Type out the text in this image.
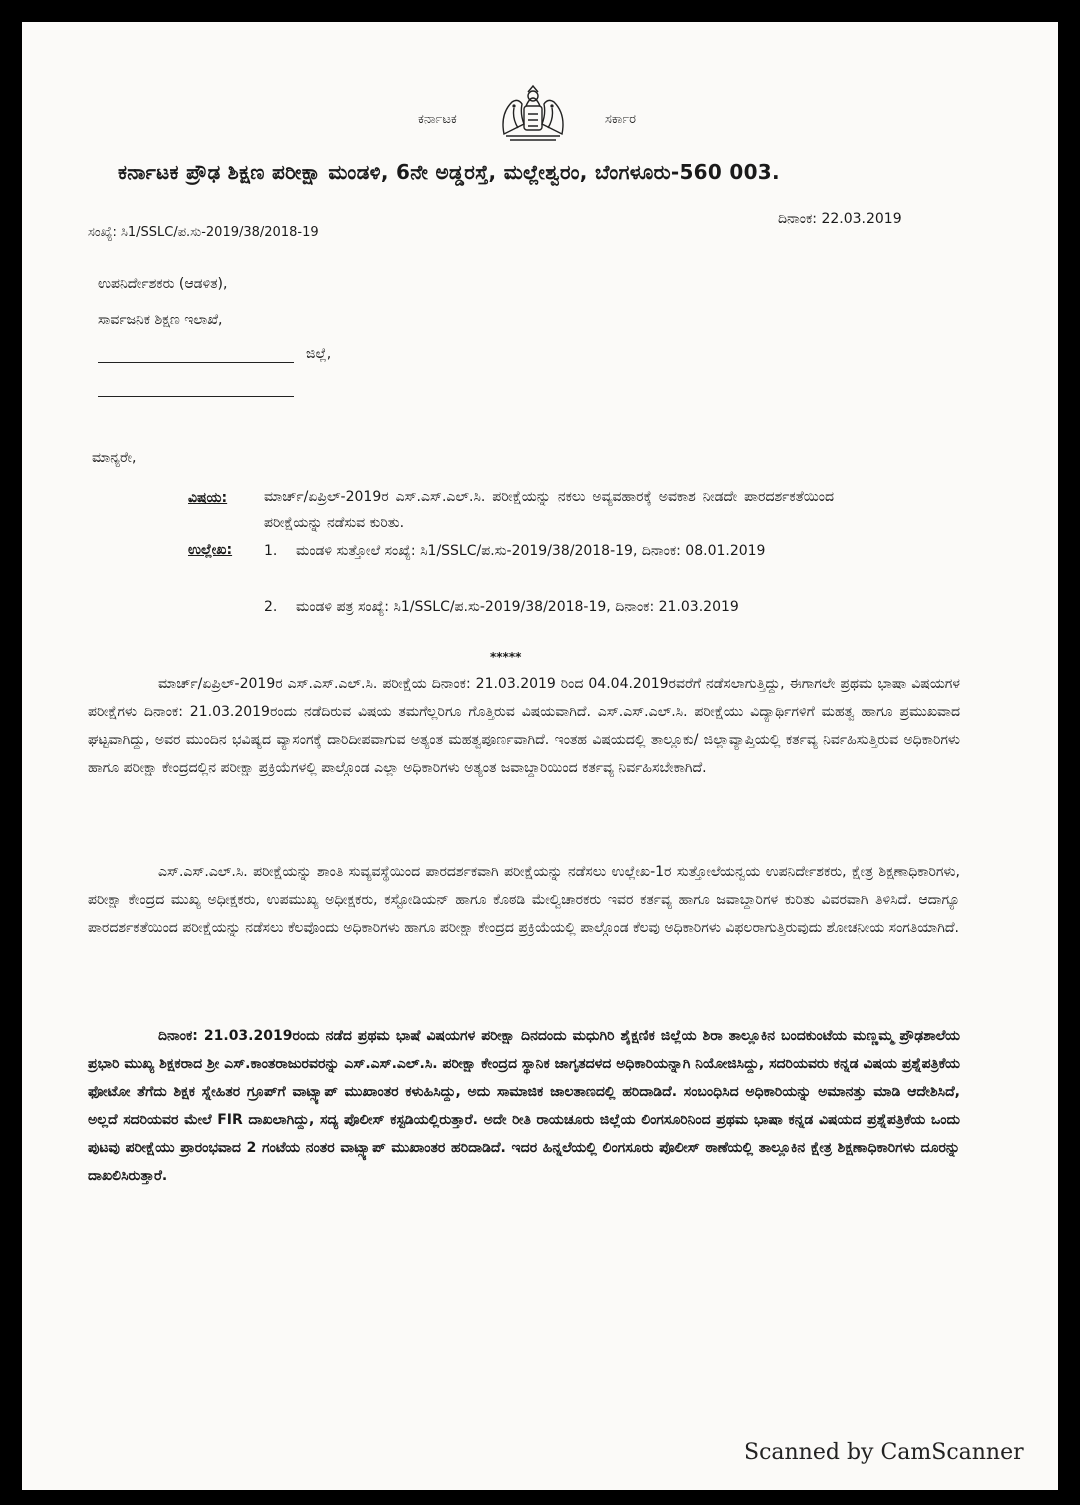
ಕರ್ನಾಟಕ	ಸರ್ಕಾರ
ಕರ್ನಾಟಕ ಪ್ರೌಢ ಶಿಕ್ಷಣ ಪರೀಕ್ಷಾ ಮಂಡಳಿ, 6ನೇ ಅಡ್ಡರಸ್ತೆ, ಮಲ್ಲೇಶ್ವರಂ, ಬೆಂಗಳೂರು-560 003.
ಸಂಖ್ಯೆ: ಸಿ1/SSLC/ಪ.ಸು-2019/38/2018-19
ದಿನಾಂಕ: 22.03.2019
ಉಪನಿರ್ದೇಶಕರು (ಆಡಳಿತ),
ಸಾರ್ವಜನಿಕ ಶಿಕ್ಷಣ ಇಲಾಖೆ,
ಜಿಲ್ಲೆ,
ಮಾನ್ಯರೇ,
ವಿಷಯ:	ಮಾರ್ಚ್/ಏಪ್ರಿಲ್-2019ರ ಎಸ್.ಎಸ್.ಎಲ್.ಸಿ. ಪರೀಕ್ಷೆಯನ್ನು ನಕಲು ಅವ್ಯವಹಾರಕ್ಕೆ ಅವಕಾಶ ನೀಡದೇ ಪಾರದರ್ಶಕತೆಯಿಂದ ಪರೀಕ್ಷೆಯನ್ನು ನಡೆಸುವ ಕುರಿತು.
ಉಲ್ಲೇಖ: 1. ಮಂಡಳಿ ಸುತ್ತೋಲೆ ಸಂಖ್ಯೆ: ಸಿ1/SSLC/ಪ.ಸು-2019/38/2018-19, ದಿನಾಂಕ: 08.01.2019
2. ಮಂಡಳಿ ಪತ್ರ ಸಂಖ್ಯೆ: ಸಿ1/SSLC/ಪ.ಸು-2019/38/2018-19, ದಿನಾಂಕ: 21.03.2019
*****
ಮಾರ್ಚ್/ಏಪ್ರಿಲ್-2019ರ ಎಸ್.ಎಸ್.ಎಲ್.ಸಿ. ಪರೀಕ್ಷೆಯ ದಿನಾಂಕ: 21.03.2019 ರಿಂದ 04.04.2019ರವರೆಗೆ ನಡೆಸಲಾಗುತ್ತಿದ್ದು, ಈಗಾಗಲೇ ಪ್ರಥಮ ಭಾಷಾ ವಿಷಯಗಳ ಪರೀಕ್ಷೆಗಳು ದಿನಾಂಕ: 21.03.2019ರಂದು ನಡೆದಿರುವ ವಿಷಯ ತಮಗೆಲ್ಲರಿಗೂ ಗೊತ್ತಿರುವ ವಿಷಯವಾಗಿದೆ. ಎಸ್.ಎಸ್.ಎಲ್.ಸಿ. ಪರೀಕ್ಷೆಯು ವಿದ್ಯಾರ್ಥಿಗಳಿಗೆ ಮಹತ್ವ ಹಾಗೂ ಪ್ರಮುಖವಾದ ಘಟ್ಟವಾಗಿದ್ದು, ಅವರ ಮುಂದಿನ ಭವಿಷ್ಯದ ವ್ಯಾಸಂಗಕ್ಕೆ ದಾರಿದೀಪವಾಗುವ ಅತ್ಯಂತ ಮಹತ್ವಪೂರ್ಣವಾಗಿದೆ. ಇಂತಹ ವಿಷಯದಲ್ಲಿ ತಾಲ್ಲೂಕು/ ಜಿಲ್ಲಾವ್ಯಾಪ್ತಿಯಲ್ಲಿ ಕರ್ತವ್ಯ ನಿರ್ವಹಿಸುತ್ತಿರುವ ಅಧಿಕಾರಿಗಳು ಹಾಗೂ ಪರೀಕ್ಷಾ ಕೇಂದ್ರದಲ್ಲಿನ ಪರೀಕ್ಷಾ ಪ್ರಕ್ರಿಯೆಗಳಲ್ಲಿ ಪಾಲ್ಗೊಂಡ ಎಲ್ಲಾ ಅಧಿಕಾರಿಗಳು ಅತ್ಯಂತ ಜವಾಬ್ದಾರಿಯಿಂದ ಕರ್ತವ್ಯ ನಿರ್ವಹಿಸಬೇಕಾಗಿದೆ.
ಎಸ್.ಎಸ್.ಎಲ್.ಸಿ. ಪರೀಕ್ಷೆಯನ್ನು ಶಾಂತಿ ಸುವ್ಯವಸ್ಥೆಯಿಂದ ಪಾರದರ್ಶಕವಾಗಿ ಪರೀಕ್ಷೆಯನ್ನು ನಡೆಸಲು ಉಲ್ಲೇಖ-1ರ ಸುತ್ತೋಲೆಯನ್ವಯ ಉಪನಿರ್ದೇಶಕರು, ಕ್ಷೇತ್ರ ಶಿಕ್ಷಣಾಧಿಕಾರಿಗಳು, ಪರೀಕ್ಷಾ ಕೇಂದ್ರದ ಮುಖ್ಯ ಅಧೀಕ್ಷಕರು, ಉಪಮುಖ್ಯ ಅಧೀಕ್ಷಕರು, ಕಸ್ಟೋಡಿಯನ್ ಹಾಗೂ ಕೊಠಡಿ ಮೇಲ್ವಿಚಾರಕರು ಇವರ ಕರ್ತವ್ಯ ಹಾಗೂ ಜವಾಬ್ದಾರಿಗಳ ಕುರಿತು ವಿವರವಾಗಿ ತಿಳಿಸಿದೆ. ಆದಾಗ್ಯೂ ಪಾರದರ್ಶಕತೆಯಿಂದ ಪರೀಕ್ಷೆಯನ್ನು ನಡೆಸಲು ಕೆಲವೊಂದು ಅಧಿಕಾರಿಗಳು ಹಾಗೂ ಪರೀಕ್ಷಾ ಕೇಂದ್ರದ ಪ್ರಕ್ರಿಯೆಯಲ್ಲಿ ಪಾಲ್ಗೊಂಡ ಕೆಲವು ಅಧಿಕಾರಿಗಳು ವಿಫಲರಾಗುತ್ತಿರುವುದು ಶೋಚನೀಯ ಸಂಗತಿಯಾಗಿದೆ.
ದಿನಾಂಕ: 21.03.2019ರಂದು ನಡೆದ ಪ್ರಥಮ ಭಾಷೆ ವಿಷಯಗಳ ಪರೀಕ್ಷಾ ದಿನದಂದು ಮಧುಗಿರಿ ಶೈಕ್ಷಣಿಕ ಜಿಲ್ಲೆಯ ಶಿರಾ ತಾಲ್ಲೂಕಿನ ಬಂದಕುಂಟೆಯ ಮಣ್ಣಮ್ಮ ಪ್ರೌಢಶಾಲೆಯ ಪ್ರಭಾರಿ ಮುಖ್ಯ ಶಿಕ್ಷಕರಾದ ಶ್ರೀ ಎಸ್.ಕಾಂತರಾಜುರವರನ್ನು ಎಸ್.ಎಸ್.ಎಲ್.ಸಿ. ಪರೀಕ್ಷಾ ಕೇಂದ್ರದ ಸ್ಥಾನಿಕ ಜಾಗೃತದಳದ ಅಧಿಕಾರಿಯನ್ನಾಗಿ ನಿಯೋಜಿಸಿದ್ದು, ಸದರಿಯವರು ಕನ್ನಡ ವಿಷಯ ಪ್ರಶ್ನೆಪತ್ರಿಕೆಯ ಫೋಟೋ ತೆಗೆದು ಶಿಕ್ಷಕ ಸ್ನೇಹಿತರ ಗ್ರೂಪ್‌ಗೆ ವಾಟ್ಸ್ಯಾಪ್ ಮುಖಾಂತರ ಕಳುಹಿಸಿದ್ದು, ಅದು ಸಾಮಾಜಿಕ ಜಾಲತಾಣದಲ್ಲಿ ಹರಿದಾಡಿದೆ. ಸಂಬಂಧಿಸಿದ ಅಧಿಕಾರಿಯನ್ನು ಅಮಾನತ್ತು ಮಾಡಿ ಆದೇಶಿಸಿದೆ, ಅಲ್ಲದೆ ಸದರಿಯವರ ಮೇಲೆ FIR ದಾಖಲಾಗಿದ್ದು, ಸದ್ಯ ಪೊಲೀಸ್ ಕಸ್ಟಡಿಯಲ್ಲಿರುತ್ತಾರೆ. ಅದೇ ರೀತಿ ರಾಯಚೂರು ಜಿಲ್ಲೆಯ ಲಿಂಗಸೂರಿನಿಂದ ಪ್ರಥಮ ಭಾಷಾ ಕನ್ನಡ ವಿಷಯದ ಪ್ರಶ್ನೆಪತ್ರಿಕೆಯ ಒಂದು ಪುಟವು ಪರೀಕ್ಷೆಯು ಪ್ರಾರಂಭವಾದ 2 ಗಂಟೆಯ ನಂತರ ವಾಟ್ಸ್ಯಾಪ್ ಮುಖಾಂತರ ಹರಿದಾಡಿದೆ. ಇದರ ಹಿನ್ನಲೆಯಲ್ಲಿ ಲಿಂಗಸೂರು ಪೊಲೀಸ್ ಠಾಣೆಯಲ್ಲಿ ತಾಲ್ಲೂಕಿನ ಕ್ಷೇತ್ರ ಶಿಕ್ಷಣಾಧಿಕಾರಿಗಳು ದೂರನ್ನು ದಾಖಲಿಸಿರುತ್ತಾರೆ.
Scanned by CamScanner
